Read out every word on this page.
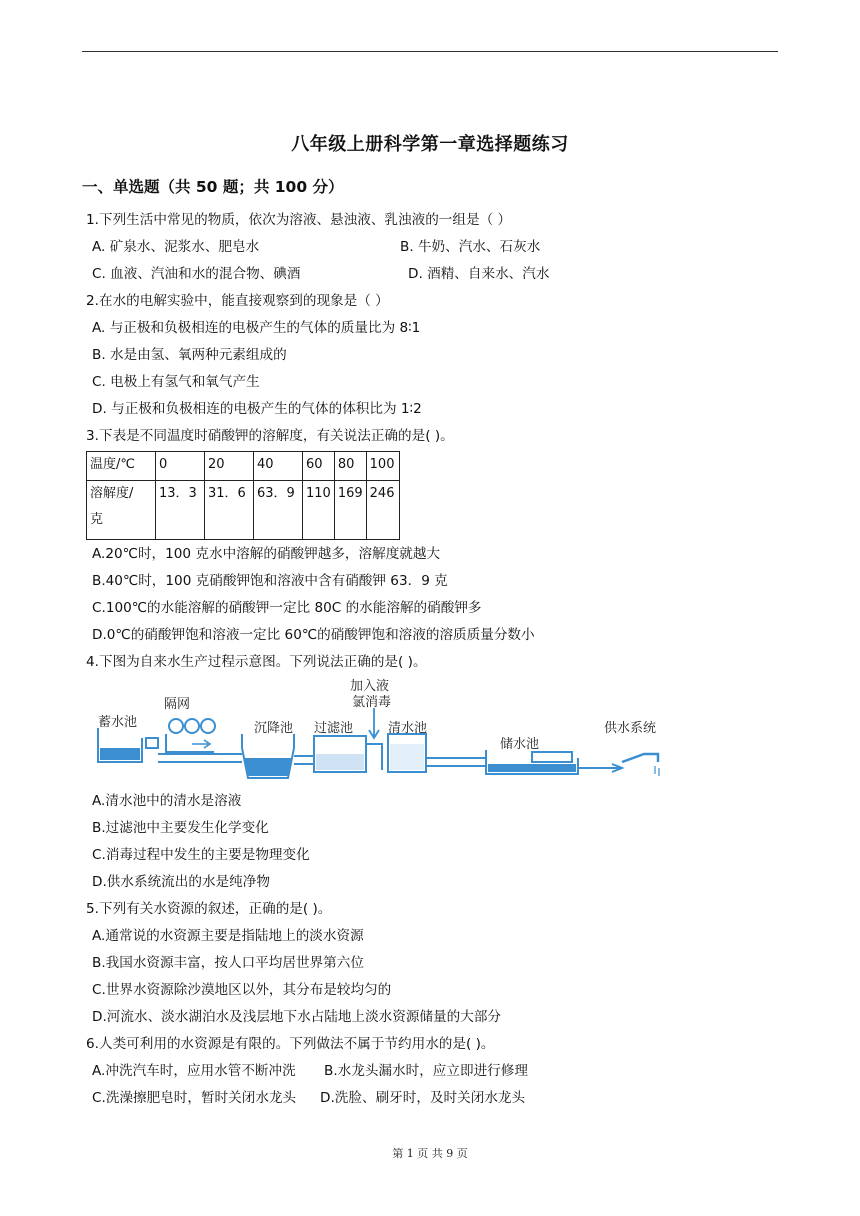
八年级上册科学第一章选择题练习
一、单选题（共 50 题；共 100 分）
1.下列生活中常见的物质，依次为溶液、悬浊液、乳浊液的一组是（ ）
A. 矿泉水、泥浆水、肥皂水	B. 牛奶、汽水、石灰水
C. 血液、汽油和水的混合物、碘酒	D. 酒精、自来水、汽水
2.在水的电解实验中，能直接观察到的现象是（ ）
A. 与正极和负极相连的电极产生的气体的质量比为 8∶1
B. 水是由氢、氧两种元素组成的
C. 电极上有氢气和氧气产生
D. 与正极和负极相连的电极产生的气体的体积比为 1∶2
3.下表是不同温度时硝酸钾的溶解度，有关说法正确的是( )。
温度/℃	0	20	40	60	80	100
溶解度/
克	13．3	31．6	63．9	110	169	246
A.20℃时，100 克水中溶解的硝酸钾越多，溶解度就越大
B.40℃时，100 克硝酸钾饱和溶液中含有硝酸钾 63．9 克
C.100℃的水能溶解的硝酸钾一定比 80C 的水能溶解的硝酸钾多
D.0℃的硝酸钾饱和溶液一定比 60℃的硝酸钾饱和溶液的溶质质量分数小
4.下图为自来水生产过程示意图。下列说法正确的是( )。
蓄水池
隔网
沉降池 过滤池
加入液
氯消毒
清水池
储水池
供水系统
A.清水池中的清水是溶液
B.过滤池中主要发生化学变化
C.消毒过程中发生的主要是物理变化
D.供水系统流出的水是纯净物
5.下列有关水资源的叙述，正确的是( )。
A.通常说的水资源主要是指陆地上的淡水资源
B.我国水资源丰富，按人口平均居世界第六位
C.世界水资源除沙漠地区以外，其分布是较均匀的
D.河流水、淡水湖泊水及浅层地下水占陆地上淡水资源储量的大部分
6.人类可利用的水资源是有限的。下列做法不属于节约用水的是( )。
A.冲洗汽车时，应用水管不断冲洗 B.水龙头漏水时，应立即进行修理
C.洗澡擦肥皂时，暂时关闭水龙头 D.洗脸、刷牙时，及时关闭水龙头
第 1 页 共 9 页
